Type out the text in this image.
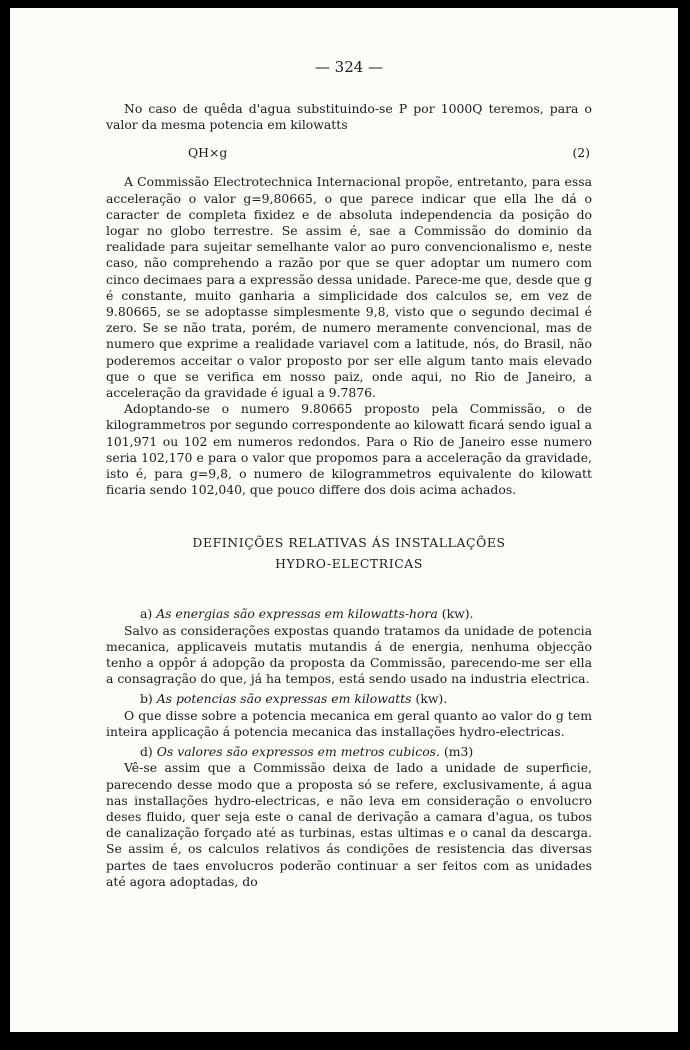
— 324 —

No caso de quêda d'agua substituindo-se P por 1000Q teremos, para o valor da mesma potencia em kilowatts

QH×g	(2)

A Commissão Electrotechnica Internacional propõe, entretanto, para essa acceleração o valor g=9,80665, o que parece indicar que ella lhe dá o caracter de completa fixidez e de absoluta independencia da posição do logar no globo terrestre. Se assim é, sae a Commissão do dominio da realidade para sujeitar semelhante valor ao puro convencionalismo e, neste caso, não comprehendo a razão por que se quer adoptar um numero com cinco decimaes para a expressão dessa unidade. Parece-me que, desde que g é constante, muito ganharia a simplicidade dos calculos se, em vez de 9.80665, se se adoptasse simplesmente 9,8, visto que o segundo decimal é zero. Se se não trata, porém, de numero meramente convencional, mas de numero que exprime a realidade variavel com a latitude, nós, do Brasil, não poderemos acceitar o valor proposto por ser elle algum tanto mais elevado que o que se verifica em nosso paiz, onde aqui, no Rio de Janeiro, a acceleração da gravidade é igual a 9.7876.

Adoptando-se o numero 9.80665 proposto pela Commissão, o de kilogrammetros por segundo correspondente ao kilowatt ficará sendo igual a 101,971 ou 102 em numeros redondos. Para o Rio de Janeiro esse numero seria 102,170 e para o valor que propomos para a acceleração da gravidade, isto é, para g=9,8, o numero de kilogrammetros equivalente do kilowatt ficaria sendo 102,040, que pouco differe dos dois acima achados.

DEFINIÇÕES RELATIVAS ÁS INSTALLAÇÕES
HYDRO-ELECTRICAS
a) As energias são expressas em kilowatts-hora (kw).

Salvo as considerações expostas quando tratamos da unidade de potencia mecanica, applicaveis mutatis mutandis á de energia, nenhuma objecção tenho a oppôr á adopção da proposta da Commissão, parecendo-me ser ella a consagração do que, já ha tempos, está sendo usado na industria electrica.

b) As potencias são expressas em kilowatts (kw).

O que disse sobre a potencia mecanica em geral quanto ao valor do g tem inteira applicação á potencia mecanica das installações hydro-electricas.

d) Os valores são expressos em metros cubicos. (m3)

Vê-se assim que a Commissão deixa de lado a unidade de superficie, parecendo desse modo que a proposta só se refere, exclusivamente, á agua nas installações hydro-electricas, e não leva em consideração o envolucro deses fluido, quer seja este o canal de derivação a camara d'agua, os tubos de canalização forçado até as turbinas, estas ultimas e o canal da descarga. Se assim é, os calculos relativos ás condições de resistencia das diversas partes de taes envolucros poderão continuar a ser feitos com as unidades até agora adoptadas, do
